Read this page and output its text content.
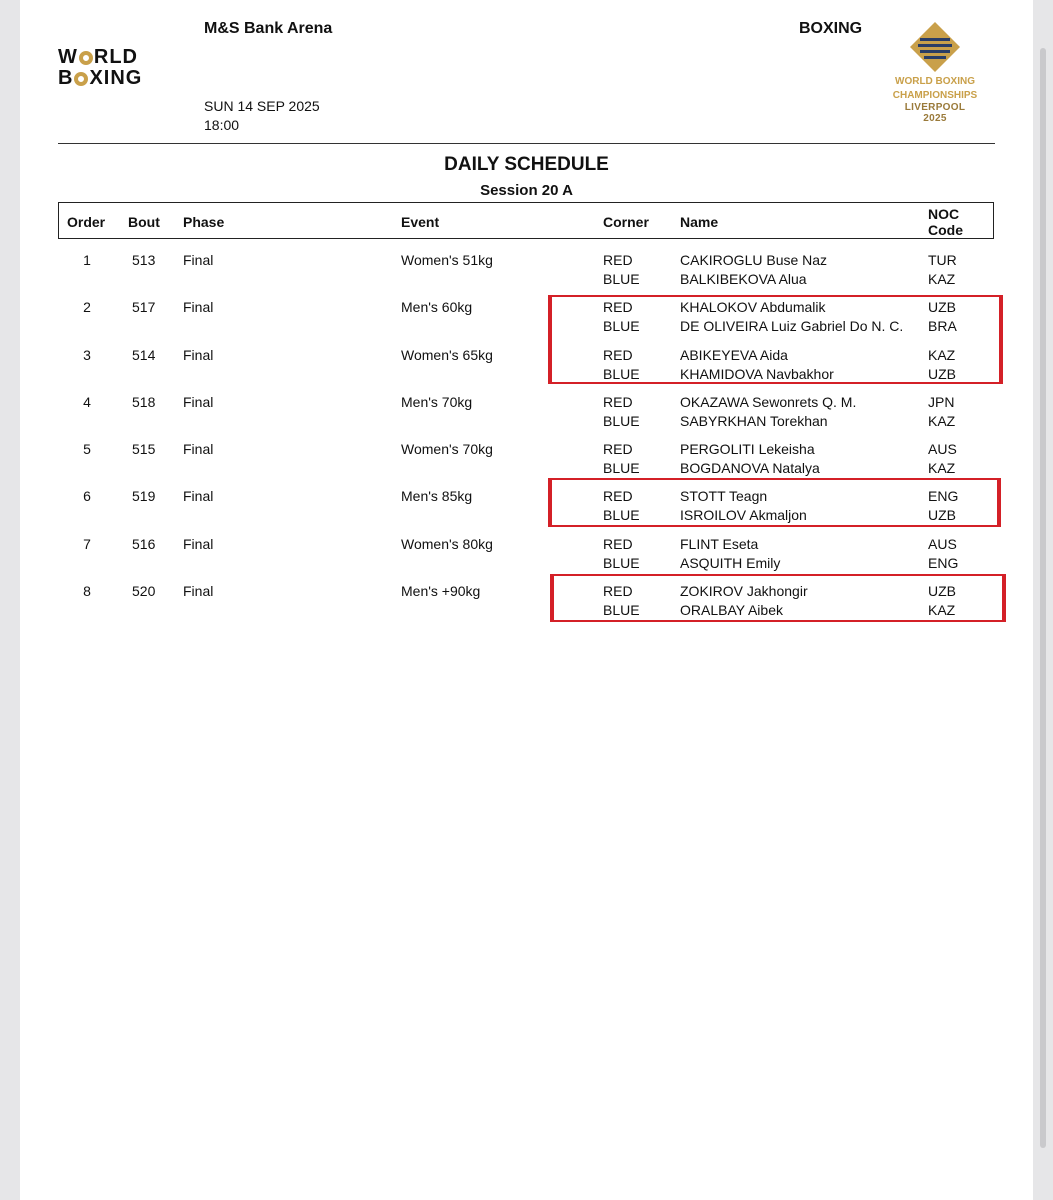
W RLD
B XING
M&S Bank Arena	BOXING
SUN 14 SEP 2025
18:00
WORLD BOXING
CHAMPIONSHIPS
LIVERPOOL
2025
DAILY SCHEDULE
Session 20 A
Order Bout Phase	Event	Corner Name	NOC
Code
1	513 Final	Women's 51kg	RED	CAKIROGLU Buse Naz	TUR
BLUE	BALKIBEKOVA Alua	KAZ
2	517 Final	Men's 60kg	RED	KHALOKOV Abdumalik	UZB
BLUE	DE OLIVEIRA Luiz Gabriel Do N. C. BRA
3	514 Final	Women's 65kg	RED	ABIKEYEVA Aida	KAZ
BLUE	KHAMIDOVA Navbakhor	UZB
4	518 Final	Men's 70kg	RED	OKAZAWA Sewonrets Q. M.	JPN
BLUE	SABYRKHAN Torekhan	KAZ
5	515 Final	Women's 70kg	RED	PERGOLITI Lekeisha	AUS
BLUE	BOGDANOVA Natalya	KAZ
6	519 Final	Men's 85kg	RED	STOTT Teagn	ENG
BLUE	ISROILOV Akmaljon	UZB
7	516 Final	Women's 80kg	RED	FLINT Eseta	AUS
BLUE	ASQUITH Emily	ENG
8	520 Final	Men's +90kg	RED	ZOKIROV Jakhongir	UZB
BLUE	ORALBAY Aibek	KAZ
